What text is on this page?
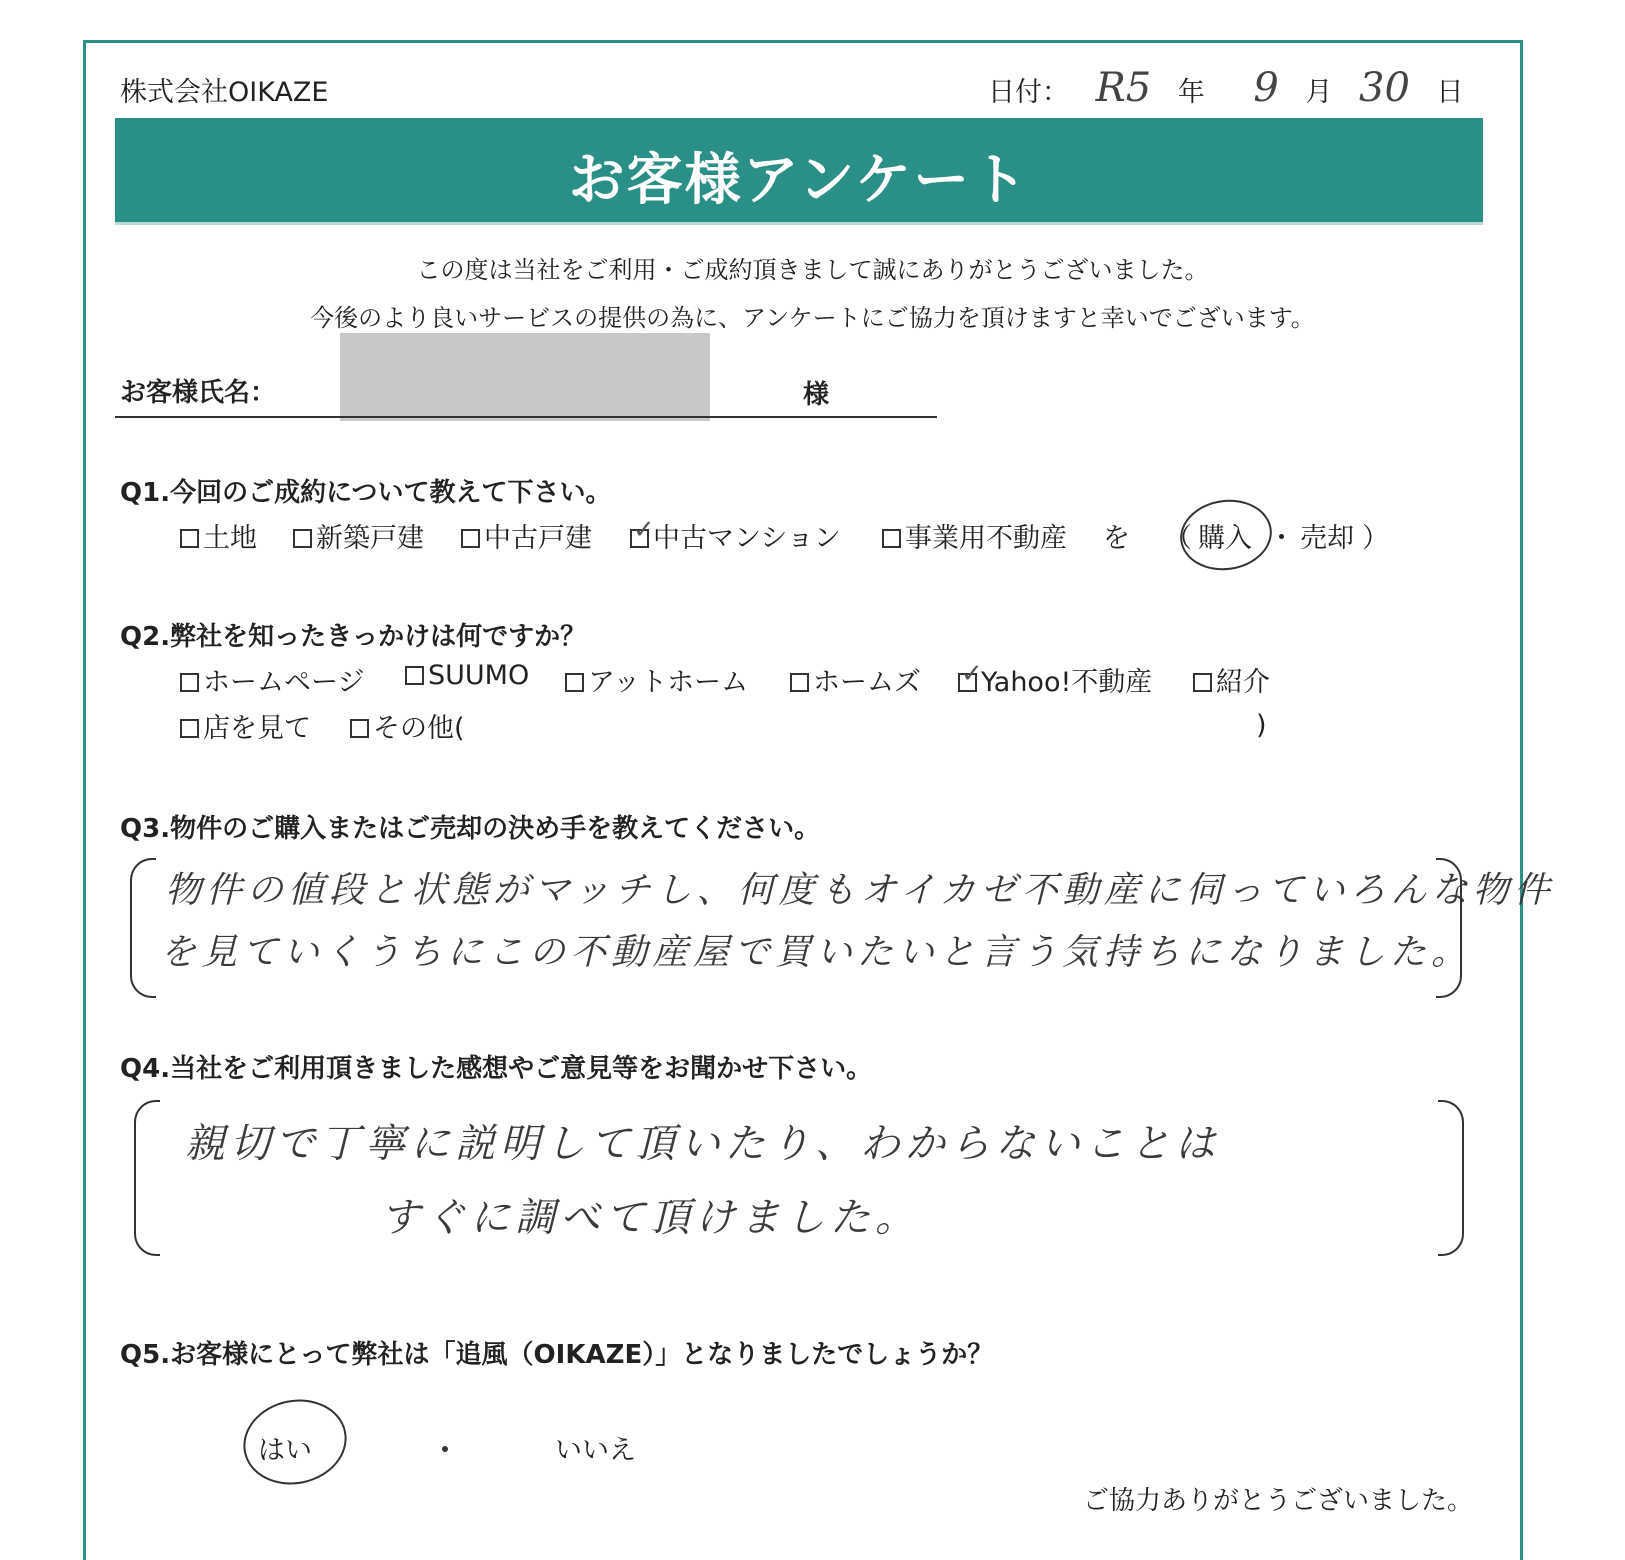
株式会社OIKAZE	日付： R5 年 9 月 30 日
お客様アンケート
この度は当社をご利用・ご成約頂きまして誠にありがとうございました。
今後のより良いサービスの提供の為に、アンケートにご協力を頂けますと幸いでございます。
お客様氏名：	様
Q1.今回のご成約について教えて下さい。
土地	新築戸建	中古戸建 ✓
中古マンション	事業用不動産 を （ 購入 ・ 売却 ）
Q2.弊社を知ったきっかけは何ですか？
ホームページ	SUUMO	アットホーム	ホームズ ✓
Yahoo!不動産	紹介
店を見て	その他(	)
Q3.物件のご購入またはご売却の決め手を教えてください。
物件の値段と状態がマッチし、何度もオイカゼ不動産に伺っていろんな物件
を見ていくうちにこの不動産屋で買いたいと言う気持ちになりました。
Q4.当社をご利用頂きました感想やご意見等をお聞かせ下さい。
親切で丁寧に説明して頂いたり、わからないことは
すぐに調べて頂けました。
Q5.お客様にとって弊社は「追風（OIKAZE）」となりましたでしょうか？
はい	いいえ
ご協力ありがとうございました。
